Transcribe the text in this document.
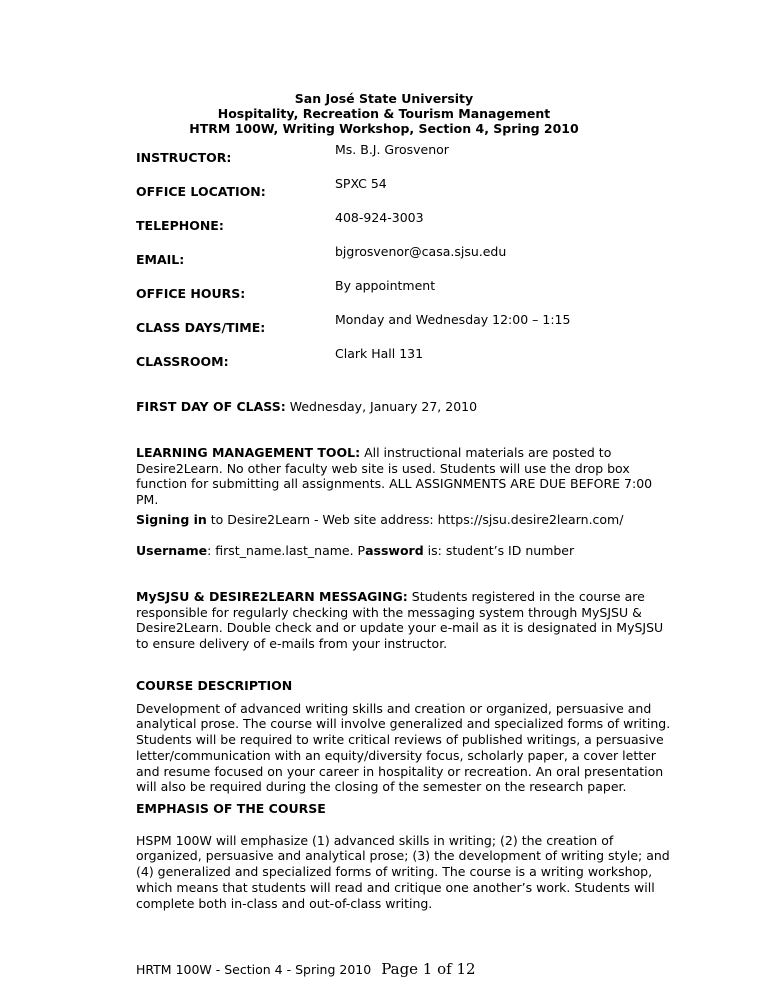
San José State University
Hospitality, Recreation & Tourism Management
HTRM 100W, Writing Workshop, Section 4, Spring 2010
INSTRUCTOR:
Ms. B.J. Grosvenor
OFFICE LOCATION:
SPXC 54
TELEPHONE:
408-924-3003
EMAIL:
bjgrosvenor@casa.sjsu.edu
OFFICE HOURS:
By appointment
CLASS DAYS/TIME:
Monday and Wednesday 12:00 – 1:15
CLASSROOM:
Clark Hall 131

FIRST DAY OF CLASS: Wednesday, January 27, 2010

LEARNING MANAGEMENT TOOL: All instructional materials are posted to Desire2Learn. No other faculty web site is used. Students will use the drop box function for submitting all assignments. ALL ASSIGNMENTS ARE DUE BEFORE 7:00 PM.

Signing in to Desire2Learn - Web site address: https://sjsu.desire2learn.com/

Username: first_name.last_name. Password is: student’s ID number

MySJSU & DESIRE2LEARN MESSAGING: Students registered in the course are responsible for regularly checking with the messaging system through MySJSU & Desire2Learn. Double check and or update your e-mail as it is designated in MySJSU to ensure delivery of e-mails from your instructor.

COURSE DESCRIPTION

Development of advanced writing skills and creation or organized, persuasive and analytical prose. The course will involve generalized and specialized forms of writing. Students will be required to write critical reviews of published writings, a persuasive letter/communication with an equity/diversity focus, scholarly paper, a cover letter and resume focused on your career in hospitality or recreation. An oral presentation will also be required during the closing of the semester on the research paper.

EMPHASIS OF THE COURSE

HSPM 100W will emphasize (1) advanced skills in writing; (2) the creation of organized, persuasive and analytical prose; (3) the development of writing style; and (4) generalized and specialized forms of writing. The course is a writing workshop, which means that students will read and critique one another’s work. Students will complete both in-class and out-of-class writing.

HRTM 100W - Section 4 - Spring 2010 Page 1 of 12
